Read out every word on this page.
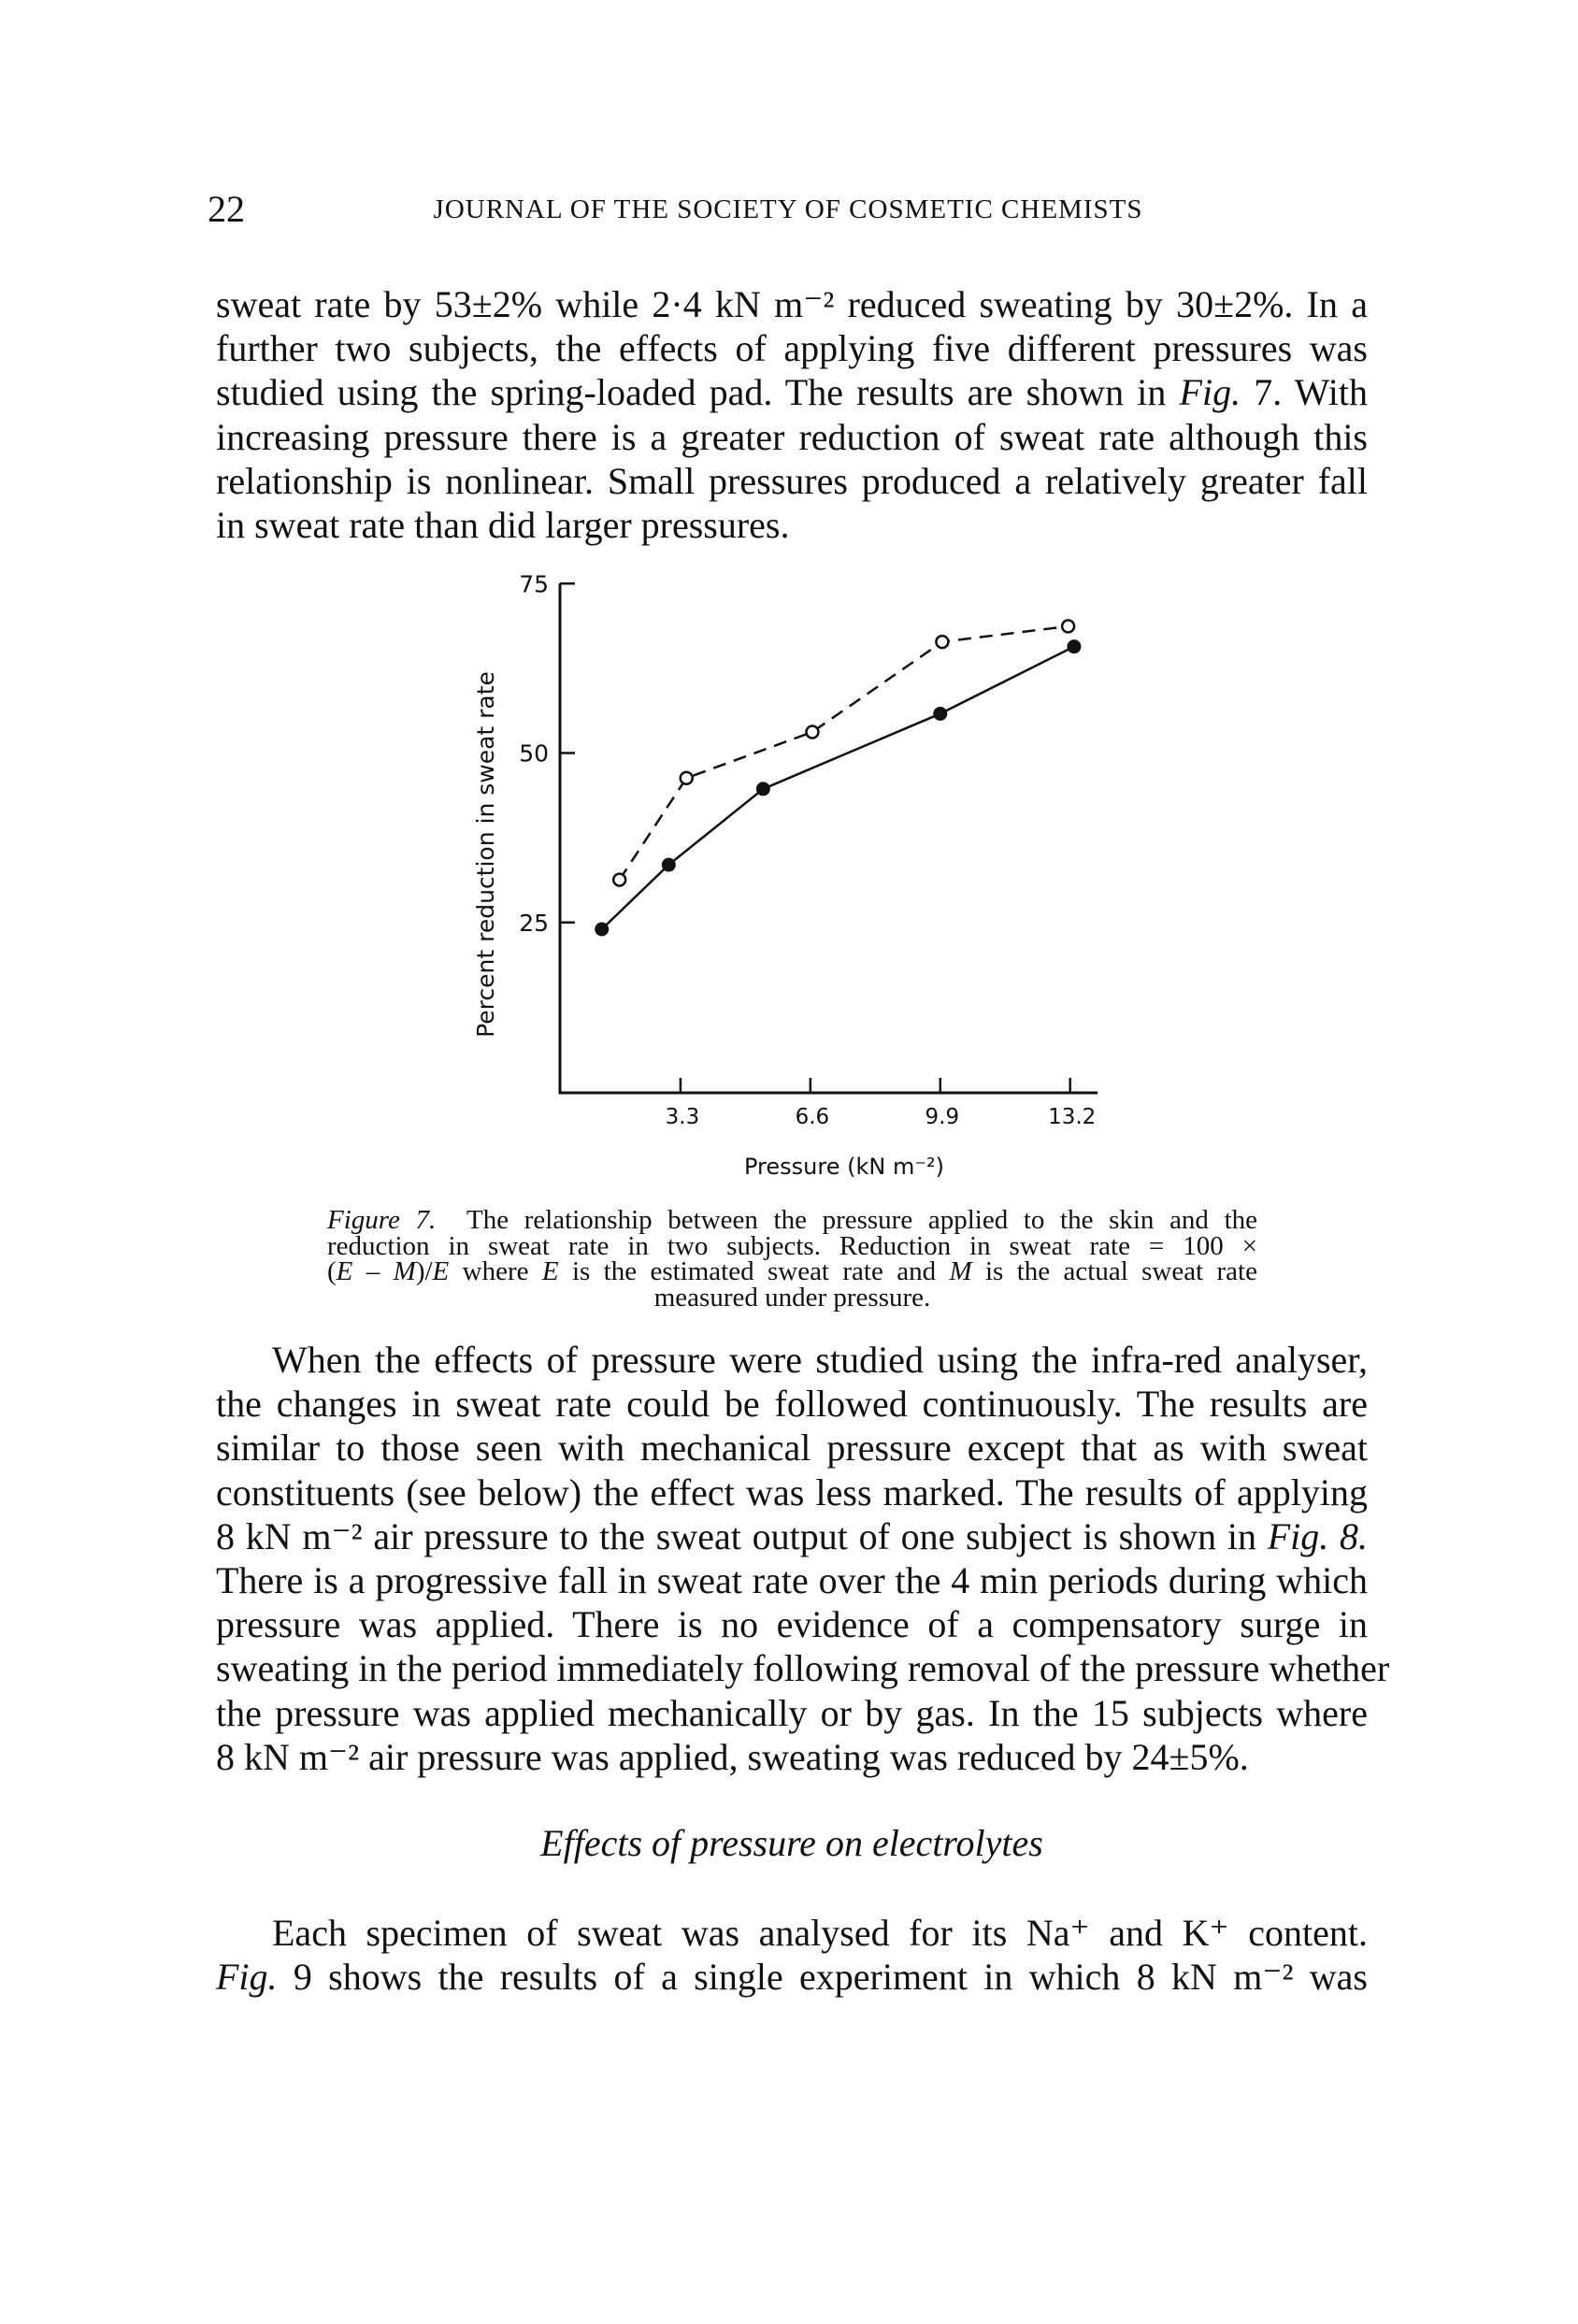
22	JOURNAL OF THE SOCIETY OF COSMETIC CHEMISTS
sweat rate by 53±2% while 2·4 kN m⁻² reduced sweating by 30±2%. In a
further two subjects, the effects of applying five different pressures was
studied using the spring-loaded pad. The results are shown in Fig. 7. With
increasing pressure there is a greater reduction of sweat rate although this
relationship is nonlinear. Small pressures produced a relatively greater fall
in sweat rate than did larger pressures.
25
50
75
3.3	6.6	9.9	13.2
Pressure (kN m⁻²)
Percent reduction in sweat rate
Figure 7.  The relationship between the pressure applied to the skin and the
reduction in sweat rate in two subjects. Reduction in sweat rate = 100 ×
(E – M)/E where E is the estimated sweat rate and M is the actual sweat rate
measured under pressure.
When the effects of pressure were studied using the infra-red analyser,
the changes in sweat rate could be followed continuously. The results are
similar to those seen with mechanical pressure except that as with sweat
constituents (see below) the effect was less marked. The results of applying
8 kN m⁻² air pressure to the sweat output of one subject is shown in Fig. 8.
There is a progressive fall in sweat rate over the 4 min periods during which
pressure was applied. There is no evidence of a compensatory surge in
sweating in the period immediately following removal of the pressure whether
the pressure was applied mechanically or by gas. In the 15 subjects where
8 kN m⁻² air pressure was applied, sweating was reduced by 24±5%.
Effects of pressure on electrolytes
Each specimen of sweat was analysed for its Na⁺ and K⁺ content.
Fig. 9 shows the results of a single experiment in which 8 kN m⁻² was
